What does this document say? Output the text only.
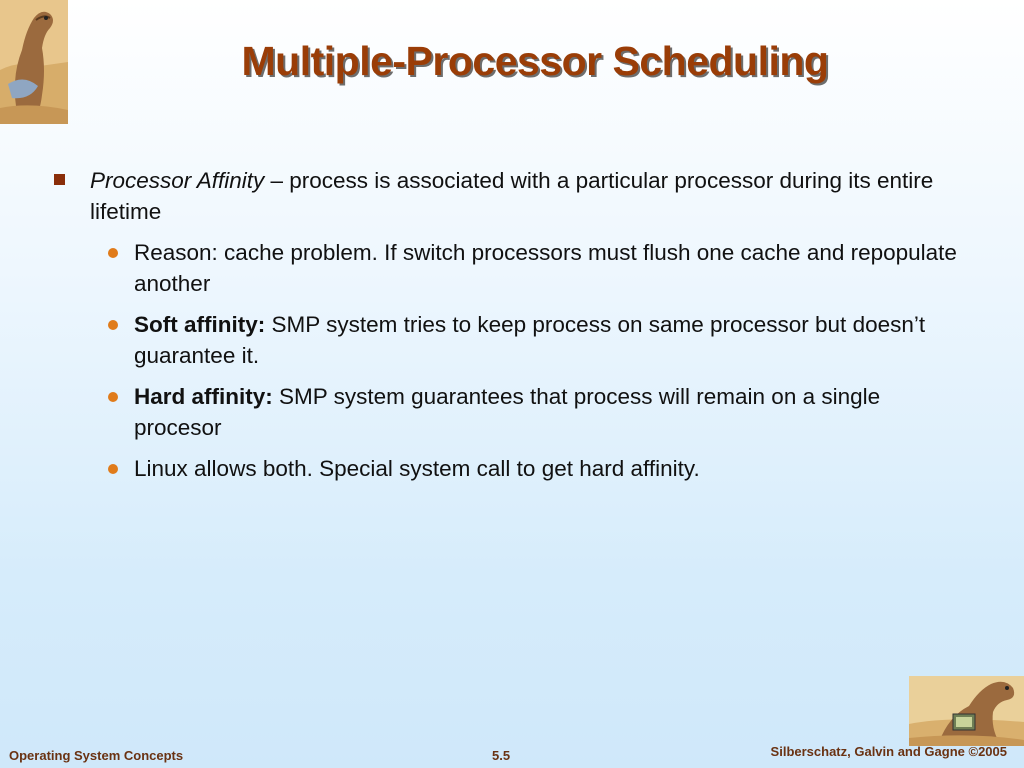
Multiple-Processor Scheduling
Processor Affinity – process is associated with a particular processor during its entire lifetime
Reason: cache problem. If switch processors must flush one cache and repopulate another
Soft affinity: SMP system tries to keep process on same processor but doesn’t guarantee it.
Hard affinity: SMP system guarantees that process will remain on a single procesor
Linux allows both. Special system call to get hard affinity.
Operating System Concepts	5.5	Silberschatz, Galvin and Gagne ©2005
